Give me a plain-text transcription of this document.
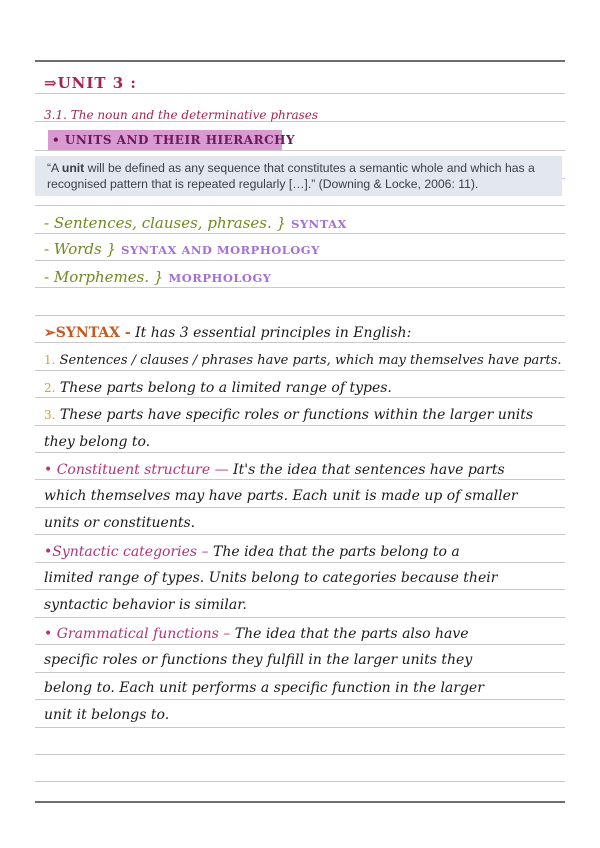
⇒UNIT 3 :
3.1. The noun and the determinative phrases
• UNITS AND THEIR HIERARCHY
“A unit will be defined as any sequence that constitutes a semantic whole and which has a recognised pattern that is repeated regularly […].” (Downing & Locke, 2006: 11).
- Sentences, clauses, phrases. } SYNTAX
- Words } SYNTAX AND MORPHOLOGY
- Morphemes. } MORPHOLOGY
➢SYNTAX - It has 3 essential principles in English:
1. Sentences / clauses / phrases have parts, which may themselves have parts.
2. These parts belong to a limited range of types.
3. These parts have specific roles or functions within the larger units
they belong to.
• Constituent structure — It's the idea that sentences have parts
which themselves may have parts. Each unit is made up of smaller
units or constituents.
•Syntactic categories – The idea that the parts belong to a
limited range of types. Units belong to categories because their
syntactic behavior is similar.
• Grammatical functions – The idea that the parts also have
specific roles or functions they fulfill in the larger units they
belong to. Each unit performs a specific function in the larger
unit it belongs to.
